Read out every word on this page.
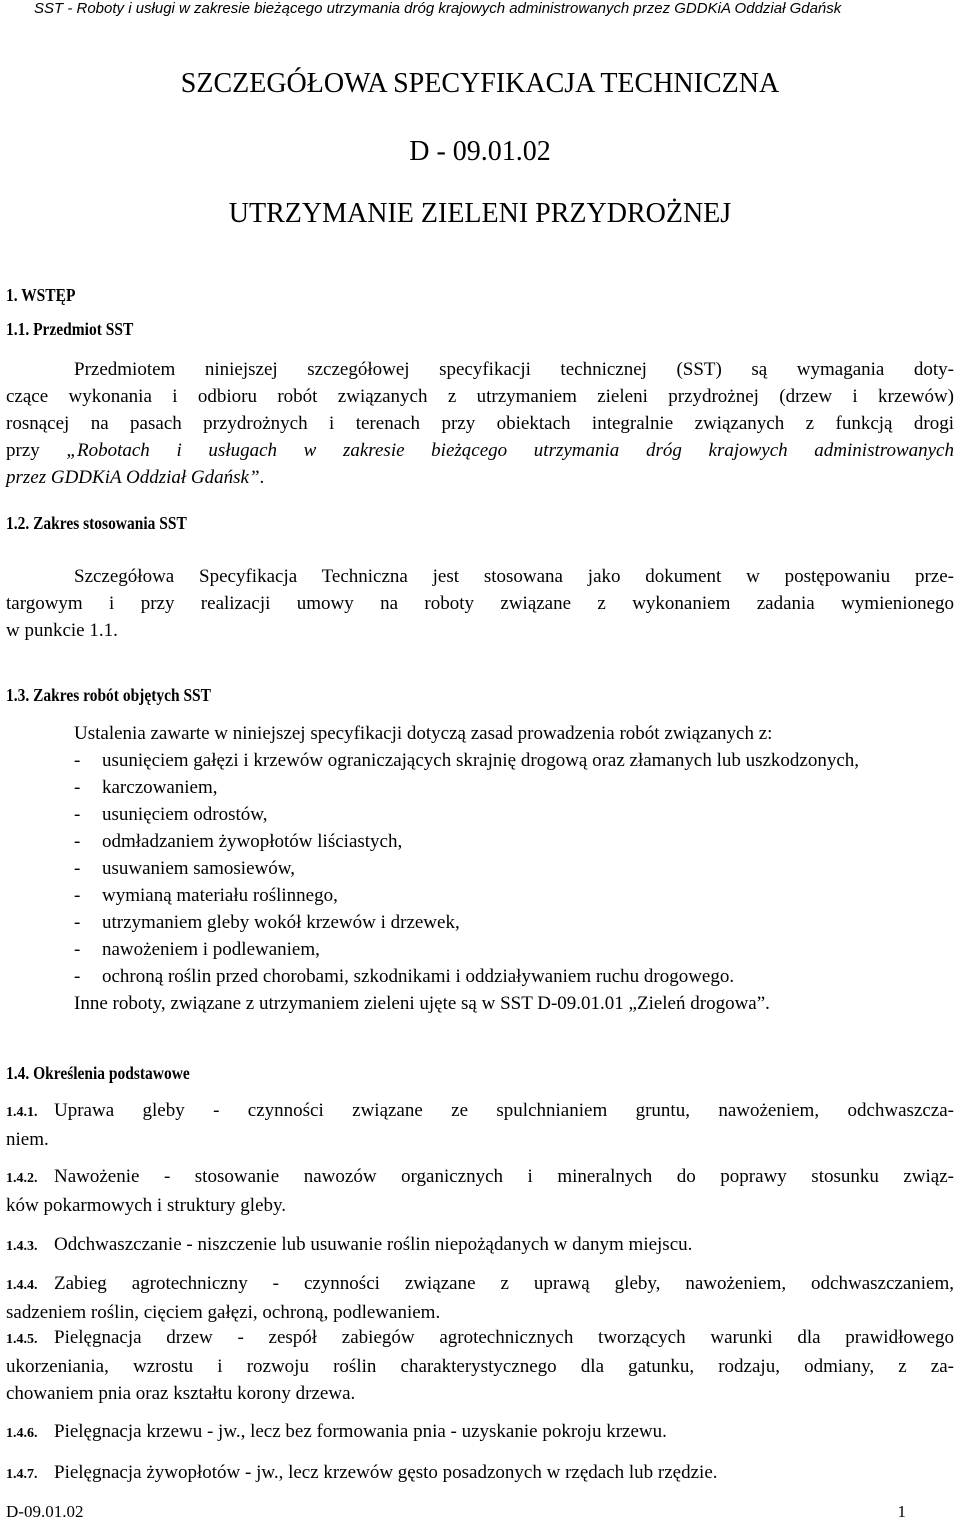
SST - Roboty i usługi w zakresie bieżącego utrzymania dróg krajowych administrowanych przez GDDKiA Oddział Gdańsk
SZCZEGÓŁOWA SPECYFIKACJA TECHNICZNA
D - 09.01.02
UTRZYMANIE ZIELENI PRZYDROŻNEJ
1. WSTĘP
1.1. Przedmiot SST
Przedmiotem niniejszej szczegółowej specyfikacji technicznej (SST) są wymagania doty-
czące wykonania i odbioru robót związanych z utrzymaniem zieleni przydrożnej (drzew i krzewów)
rosnącej na pasach przydrożnych i terenach przy obiektach integralnie związanych z funkcją drogi
przy „Robotach i usługach w zakresie bieżącego utrzymania dróg krajowych administrowanych
przez GDDKiA Oddział Gdańsk”.
1.2. Zakres stosowania SST
Szczegółowa Specyfikacja Techniczna jest stosowana jako dokument w postępowaniu prze-
targowym i przy realizacji umowy na roboty związane z wykonaniem zadania wymienionego
w punkcie 1.1.
1.3. Zakres robót objętych SST
Ustalenia zawarte w niniejszej specyfikacji dotyczą zasad prowadzenia robót związanych z:
-	usunięciem gałęzi i krzewów ograniczających skrajnię drogową oraz złamanych lub uszkodzonych,
-	karczowaniem,
-	usunięciem odrostów,
-	odmładzaniem żywopłotów liściastych,
-	usuwaniem samosiewów,
-	wymianą materiału roślinnego,
-	utrzymaniem gleby wokół krzewów i drzewek,
-	nawożeniem i podlewaniem,
-	ochroną roślin przed chorobami, szkodnikami i oddziaływaniem ruchu drogowego.
Inne roboty, związane z utrzymaniem zieleni ujęte są w SST D-09.01.01 „Zieleń drogowa”.
1.4. Określenia podstawowe
1.4.1. Uprawa gleby - czynności związane ze spulchnianiem gruntu, nawożeniem, odchwaszcza-
niem.
1.4.2. Nawożenie - stosowanie nawozów organicznych i mineralnych do poprawy stosunku związ-
ków pokarmowych i struktury gleby.
1.4.3. Odchwaszczanie - niszczenie lub usuwanie roślin niepożądanych w danym miejscu.
1.4.4. Zabieg agrotechniczny - czynności związane z uprawą gleby, nawożeniem, odchwaszczaniem,
sadzeniem roślin, cięciem gałęzi, ochroną, podlewaniem.
1.4.5. Pielęgnacja drzew - zespół zabiegów agrotechnicznych tworzących warunki dla prawidłowego
ukorzeniania, wzrostu i rozwoju roślin charakterystycznego dla gatunku, rodzaju, odmiany, z za-
chowaniem pnia oraz kształtu korony drzewa.
1.4.6. Pielęgnacja krzewu - jw., lecz bez formowania pnia - uzyskanie pokroju krzewu.
1.4.7. Pielęgnacja żywopłotów - jw., lecz krzewów gęsto posadzonych w rzędach lub rzędzie.
D-09.01.02	1
